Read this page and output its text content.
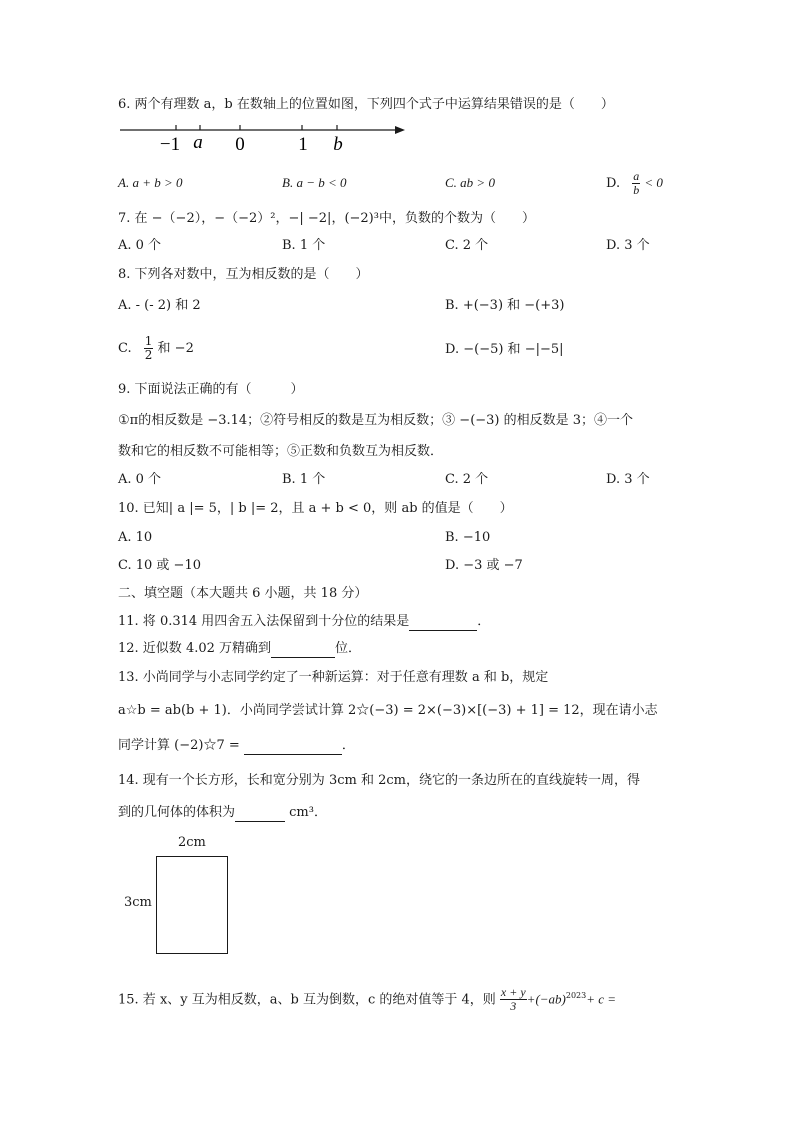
6. 两个有理数 a，b 在数轴上的位置如图，下列四个式子中运算结果错误的是（　　）
−1 a 0	1 b
A. a + b > 0	B. a − b < 0	C. ab > 0	D. $\frac{a}{b} < 0$
7. 在 −（−2），−（−2）²，−| −2|，(−2)³中，负数的个数为（　　）
A. 0 个	B. 1 个	C. 2 个	D. 3 个
8. 下列各对数中，互为相反数的是（　　）
A. - (- 2) 和 2	B. +(−3) 和 −(+3)
C. $\frac{1}{2}$ 和 −2	D. −(−5) 和 −|−5|
9. 下面说法正确的有（　　　）
①π的相反数是 −3.14；②符号相反的数是互为相反数；③ −(−3) 的相反数是 3；④一个
数和它的相反数不可能相等；⑤正数和负数互为相反数．
A. 0 个	B. 1 个	C. 2 个	D. 3 个
10. 已知| a |= 5，| b |= 2，且 a + b < 0，则 ab 的值是（　　）
A. 10	B. −10
C. 10 或 −10	D. −3 或 −7
二、填空题（本大题共 6 小题，共 18 分）
11. 将 0.314 用四舍五入法保留到十分位的结果是	．
12. 近似数 4.02 万精确到	位．
13. 小尚同学与小志同学约定了一种新运算：对于任意有理数 a 和 b，规定
a☆b = ab(b + 1)．小尚同学尝试计算 2☆(−3) = 2×(−3)×[(−3) + 1] = 12，现在请小志
同学计算 (−2)☆7 =	．
14. 现有一个长方形，长和宽分别为 3cm 和 2cm，绕它的一条边所在的直线旋转一周，得
到的几何体的体积为	cm³．
2cm
3cm
15. 若 x、y 互为相反数，a、b 互为倒数，c 的绝对值等于 4，则 $\frac{x + y}{3} +(-ab)^{2023}+ c$ =
